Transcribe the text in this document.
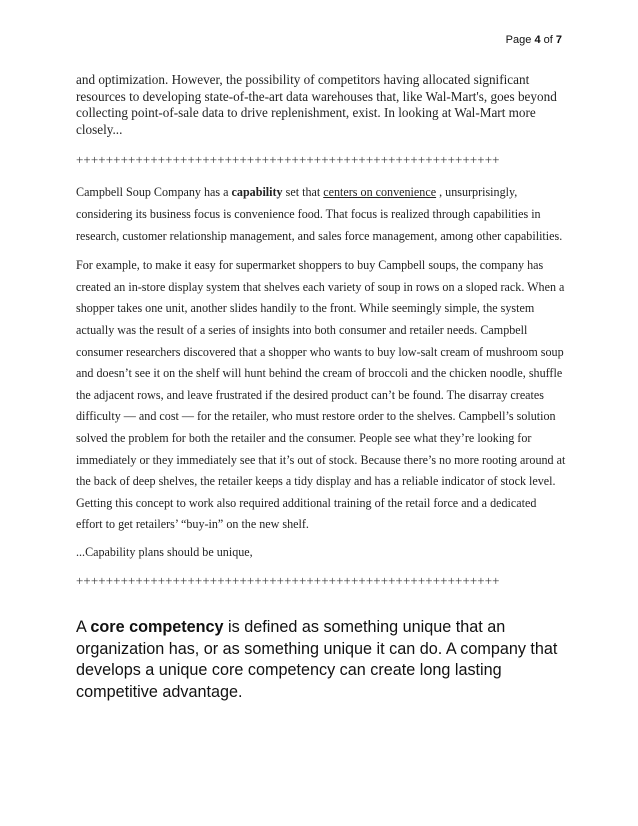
Page 4 of 7

and optimization. However, the possibility of competitors having allocated significant resources to developing state-of-the-art data warehouses that, like Wal-Mart's, goes beyond collecting point-of-sale data to drive replenishment, exist. In looking at Wal-Mart more closely...

+++++++++++++++++++++++++++++++++++++++++++++++++++++++++

Campbell Soup Company has a capability set that centers on convenience , unsurprisingly, considering its business focus is convenience food. That focus is realized through capabilities in research, customer relationship management, and sales force management, among other capabilities.

For example, to make it easy for supermarket shoppers to buy Campbell soups, the company has created an in-store display system that shelves each variety of soup in rows on a sloped rack. When a shopper takes one unit, another slides handily to the front. While seemingly simple, the system actually was the result of a series of insights into both consumer and retailer needs. Campbell consumer researchers discovered that a shopper who wants to buy low-salt cream of mushroom soup and doesn’t see it on the shelf will hunt behind the cream of broccoli and the chicken noodle, shuffle the adjacent rows, and leave frustrated if the desired product can’t be found. The disarray creates difficulty — and cost — for the retailer, who must restore order to the shelves. Campbell’s solution solved the problem for both the retailer and the consumer. People see what they’re looking for immediately or they immediately see that it’s out of stock. Because there’s no more rooting around at the back of deep shelves, the retailer keeps a tidy display and has a reliable indicator of stock level. Getting this concept to work also required additional training of the retail force and a dedicated effort to get retailers’ “buy-in” on the new shelf.

...Capability plans should be unique,

+++++++++++++++++++++++++++++++++++++++++++++++++++++++++

A core competency is defined as something unique that an organization has, or as something unique it can do. A company that develops a unique core competency can create long lasting competitive advantage.
